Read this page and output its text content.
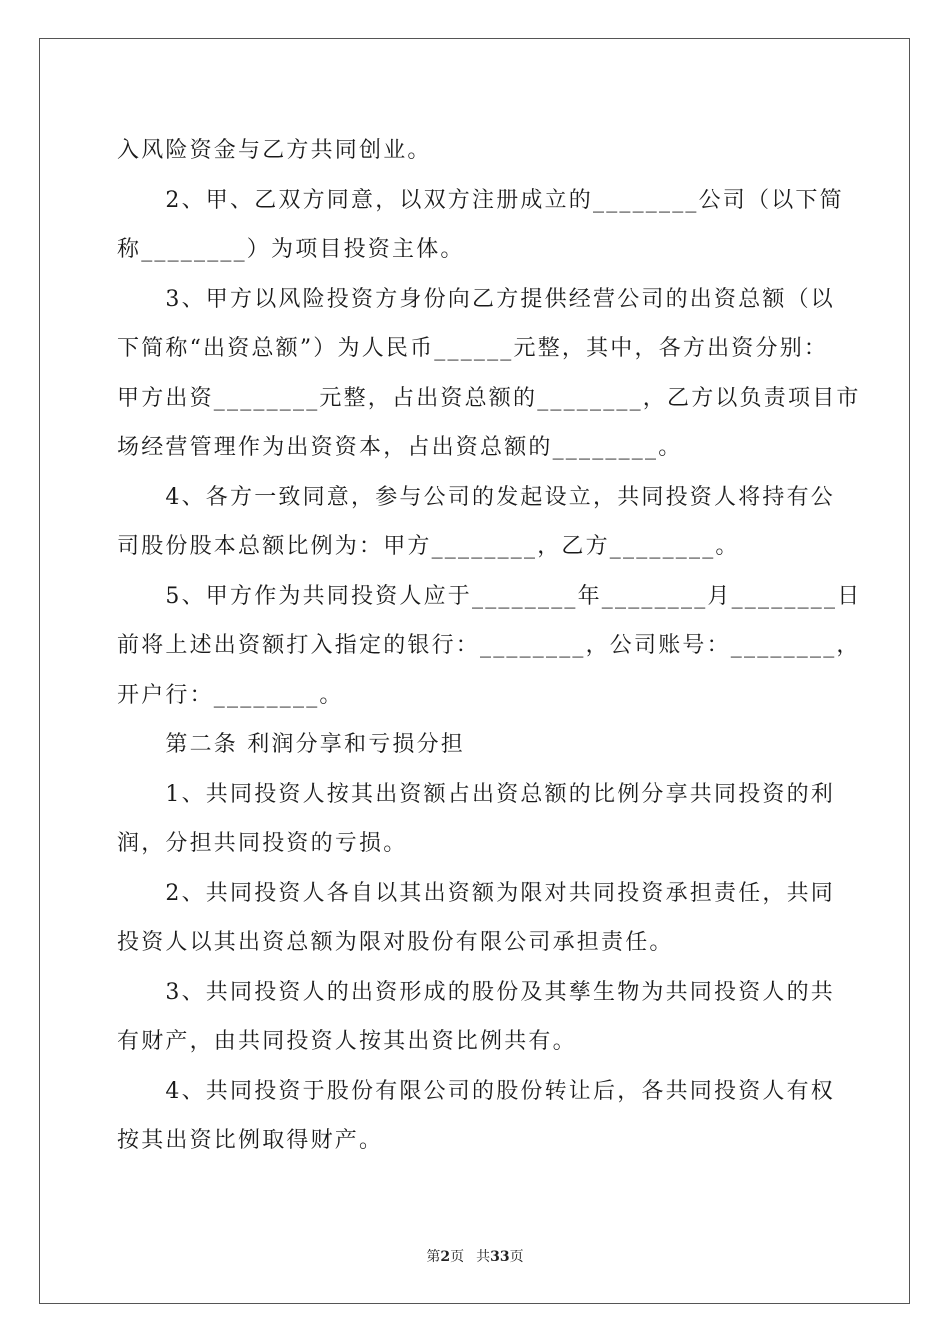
入风险资金与乙方共同创业。
　　2、甲、乙双方同意，以双方注册成立的________公司（以下简
称________）为项目投资主体。
　　3、甲方以风险投资方身份向乙方提供经营公司的出资总额（以
下简称“出资总额”）为人民币______元整，其中，各方出资分别：
甲方出资________元整，占出资总额的________，乙方以负责项目市
场经营管理作为出资资本，占出资总额的________。
　　4、各方一致同意，参与公司的发起设立，共同投资人将持有公
司股份股本总额比例为：甲方________，乙方________。
　　5、甲方作为共同投资人应于________年________月________日
前将上述出资额打入指定的银行：________，公司账号：________，
开户行：________。
　　第二条 利润分享和亏损分担
　　1、共同投资人按其出资额占出资总额的比例分享共同投资的利
润，分担共同投资的亏损。
　　2、共同投资人各自以其出资额为限对共同投资承担责任，共同
投资人以其出资总额为限对股份有限公司承担责任。
　　3、共同投资人的出资形成的股份及其孳生物为共同投资人的共
有财产，由共同投资人按其出资比例共有。
　　4、共同投资于股份有限公司的股份转让后，各共同投资人有权
按其出资比例取得财产。
第2页 共33页
